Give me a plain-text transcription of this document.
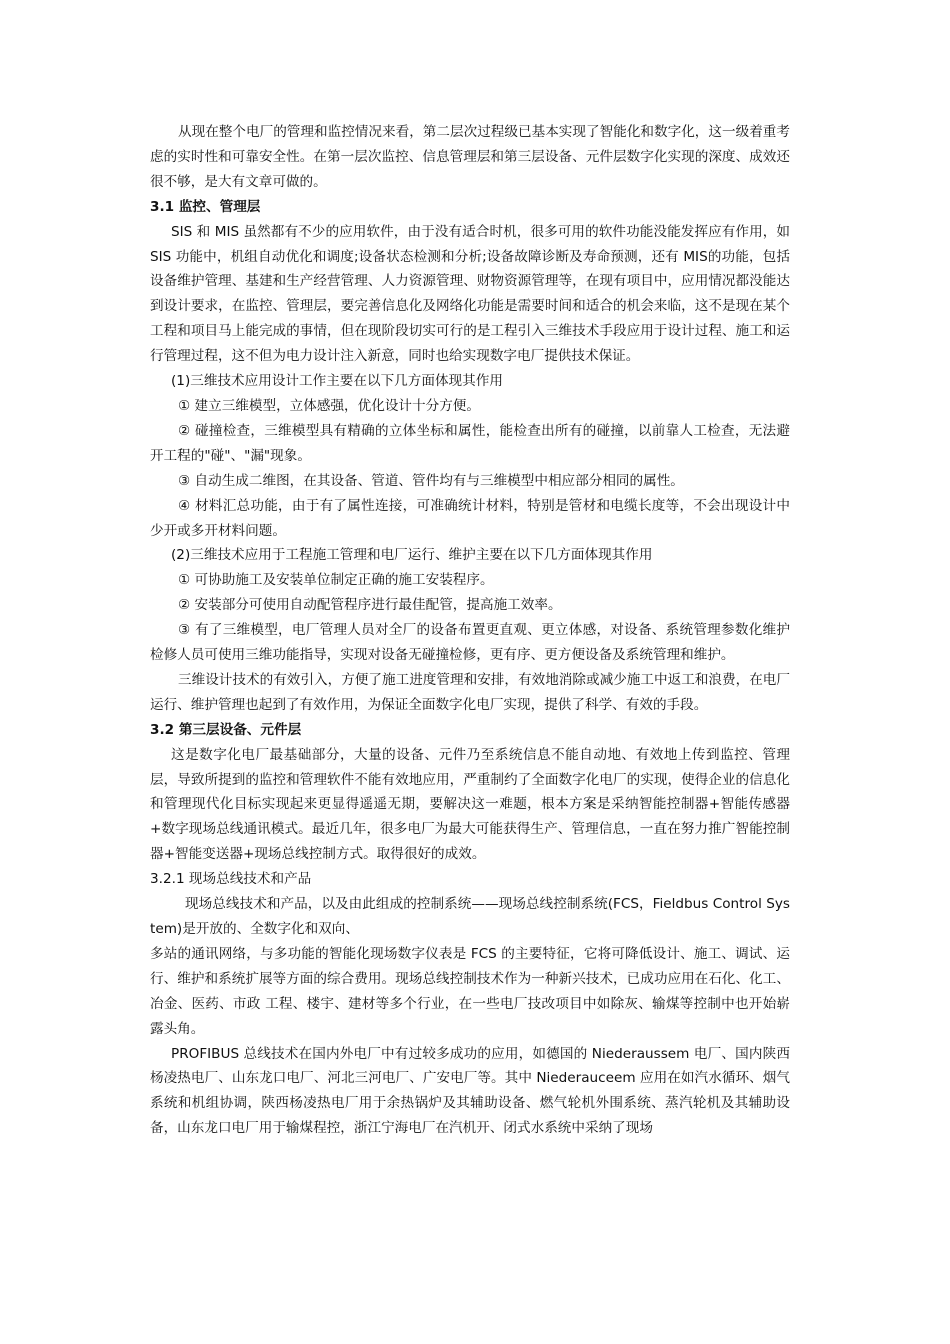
从现在整个电厂的管理和监控情况来看，第二层次过程级已基本实现了智能化和数字化，这一级着重考虑的实时性和可靠安全性。在第一层次监控、信息管理层和第三层设备、元件层数字化实现的深度、成效还很不够，是大有文章可做的。

3.1 监控、管理层

SIS 和 MIS 虽然都有不少的应用软件，由于没有适合时机，很多可用的软件功能没能发挥应有作用，如 SIS 功能中，机组自动优化和调度;设备状态检测和分析;设备故障诊断及寿命预测，还有 MIS的功能，包括设备维护管理、基建和生产经营管理、人力资源管理、财物资源管理等，在现有项目中，应用情况都没能达到设计要求，在监控、管理层，要完善信息化及网络化功能是需要时间和适合的机会来临，这不是现在某个工程和项目马上能完成的事情，但在现阶段切实可行的是工程引入三维技术手段应用于设计过程、施工和运行管理过程，这不但为电力设计注入新意，同时也给实现数字电厂提供技术保证。

(1)三维技术应用设计工作主要在以下几方面体现其作用

① 建立三维模型，立体感强，优化设计十分方便。

② 碰撞检查，三维模型具有精确的立体坐标和属性，能检查出所有的碰撞，以前靠人工检查，无法避开工程的"碰"、"漏"现象。

③ 自动生成二维图，在其设备、管道、管件均有与三维模型中相应部分相同的属性。

④ 材料汇总功能，由于有了属性连接，可准确统计材料，特别是管材和电缆长度等，不会出现设计中少开或多开材料问题。

(2)三维技术应用于工程施工管理和电厂运行、维护主要在以下几方面体现其作用

① 可协助施工及安装单位制定正确的施工安装程序。

② 安装部分可使用自动配管程序进行最佳配管，提高施工效率。

③ 有了三维模型，电厂管理人员对全厂的设备布置更直观、更立体感，对设备、系统管理参数化维护检修人员可使用三维功能指导，实现对设备无碰撞检修，更有序、更方便设备及系统管理和维护。

三维设计技术的有效引入，方便了施工进度管理和安排，有效地消除或减少施工中返工和浪费，在电厂运行、维护管理也起到了有效作用，为保证全面数字化电厂实现，提供了科学、有效的手段。

3.2 第三层设备、元件层

这是数字化电厂最基础部分，大量的设备、元件乃至系统信息不能自动地、有效地上传到监控、管理层，导致所提到的监控和管理软件不能有效地应用，严重制约了全面数字化电厂的实现，使得企业的信息化和管理现代化目标实现起来更显得遥遥无期，要解决这一难题，根本方案是采纳智能控制器+智能传感器+数字现场总线通讯模式。最近几年，很多电厂为最大可能获得生产、管理信息，一直在努力推广智能控制器+智能变送器+现场总线控制方式。取得很好的成效。

3.2.1 现场总线技术和产品

现场总线技术和产品，以及由此组成的控制系统——现场总线控制系统(FCS，Fieldbus Control System)是开放的、全数字化和双向、

多站的通讯网络，与多功能的智能化现场数字仪表是 FCS 的主要特征，它将可降低设计、施工、调试、运行、维护和系统扩展等方面的综合费用。现场总线控制技术作为一种新兴技术，已成功应用在石化、化工、冶金、医药、市政 工程、楼宇、建材等多个行业，在一些电厂技改项目中如除灰、输煤等控制中也开始崭露头角。

PROFIBUS 总线技术在国内外电厂中有过较多成功的应用，如德国的 Niederaussem 电厂、国内陕西杨凌热电厂、山东龙口电厂、河北三河电厂、广安电厂等。其中 Niederauceem 应用在如汽水循环、烟气系统和机组协调，陕西杨凌热电厂用于余热锅炉及其辅助设备、燃气轮机外围系统、蒸汽轮机及其辅助设备，山东龙口电厂用于输煤程控，浙江宁海电厂在汽机开、闭式水系统中采纳了现场
